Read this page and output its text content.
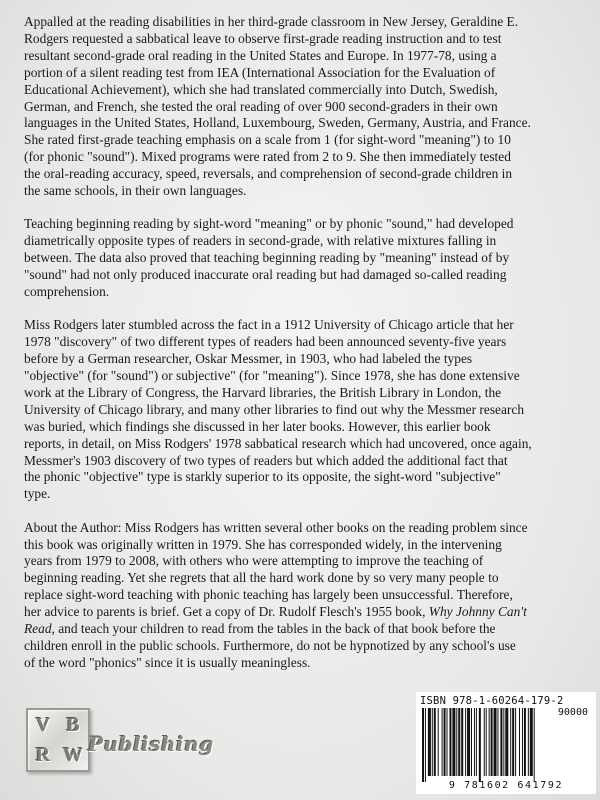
Appalled at the reading disabilities in her third-grade classroom in New Jersey, Geraldine E.
Rodgers requested a sabbatical leave to observe first-grade reading instruction and to test
resultant second-grade oral reading in the United States and Europe. In 1977-78, using a
portion of a silent reading test from IEA (International Association for the Evaluation of
Educational Achievement), which she had translated commercially into Dutch, Swedish,
German, and French, she tested the oral reading of over 900 second-graders in their own
languages in the United States, Holland, Luxembourg, Sweden, Germany, Austria, and France.
She rated first-grade teaching emphasis on a scale from 1 (for sight-word "meaning") to 10
(for phonic "sound"). Mixed programs were rated from 2 to 9. She then immediately tested
the oral-reading accuracy, speed, reversals, and comprehension of second-grade children in
the same schools, in their own languages.

Teaching beginning reading by sight-word "meaning" or by phonic "sound," had developed
diametrically opposite types of readers in second-grade, with relative mixtures falling in
between. The data also proved that teaching beginning reading by "meaning" instead of by
"sound" had not only produced inaccurate oral reading but had damaged so-called reading
comprehension.

Miss Rodgers later stumbled across the fact in a 1912 University of Chicago article that her
1978 "discovery" of two different types of readers had been announced seventy-five years
before by a German researcher, Oskar Messmer, in 1903, who had labeled the types
"objective" (for "sound") or subjective" (for "meaning"). Since 1978, she has done extensive
work at the Library of Congress, the Harvard libraries, the British Library in London, the
University of Chicago library, and many other libraries to find out why the Messmer research
was buried, which findings she discussed in her later books. However, this earlier book
reports, in detail, on Miss Rodgers' 1978 sabbatical research which had uncovered, once again,
Messmer's 1903 discovery of two types of readers but which added the additional fact that
the phonic "objective" type is starkly superior to its opposite, the sight-word "subjective"
type.

About the Author: Miss Rodgers has written several other books on the reading problem since
this book was originally written in 1979. She has corresponded widely, in the intervening
years from 1979 to 2008, with others who were attempting to improve the teaching of
beginning reading. Yet she regrets that all the hard work done by so very many people to
replace sight-word teaching with phonic teaching has largely been unsuccessful. Therefore,
her advice to parents is brief. Get a copy of Dr. Rudolf Flesch's 1955 book, Why Johnny Can't
Read, and teach your children to read from the tables in the back of that book before the
children enroll in the public schools. Furthermore, do not be hypnotized by any school's use
of the word "phonics" since it is usually meaningless.

V B
R W Publishing
ISBN 978-1-60264-179-2
90000
9 781602 641792
